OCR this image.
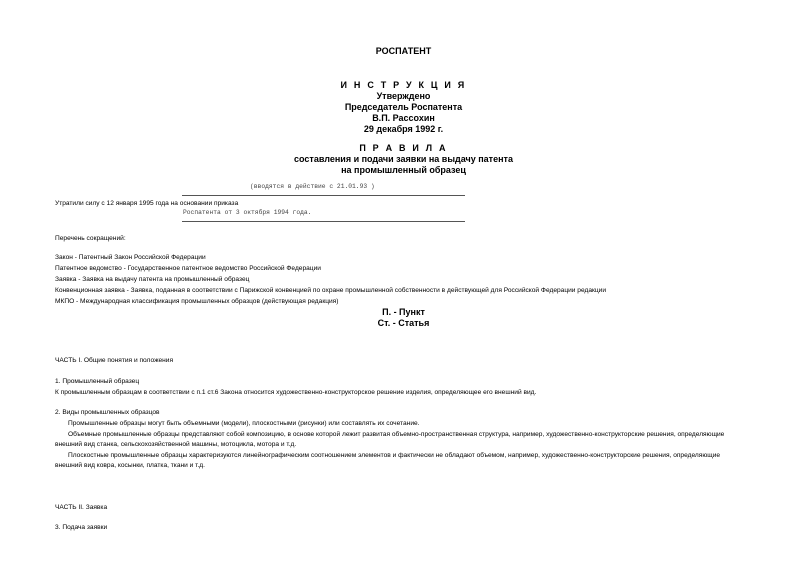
РОСПАТЕНТ
И Н С Т Р У К Ц И Я
Утверждено
Председатель Роспатента
В.П. Рассохин
29 декабря 1992 г.
П Р А В И Л А
составления и подачи заявки на выдачу патента
на промышленный образец
(вводятся в действие с 21.01.93 )
Утратили силу с 12 января 1995 года на основании приказа
Роспатента от 3 октября 1994 года.
Перечень сокращений:
Закон - Патентный Закон Российской Федерации
Патентное ведомство - Государственное патентное ведомство Российской Федерации
Заявка - Заявка на выдачу патента на промышленный образец
Конвенционная заявка - Заявка, поданная в соответствии с Парижской конвенцией по охране промышленной собственности в действующей для Российской Федерации редакции
МКПО - Международная классификация промышленных образцов (действующая редакция)
П. - Пункт
Ст. - Статья
ЧАСТЬ I. Общие понятия и положения
1. Промышленный образец
К промышленным образцам в соответствии с п.1 ст.6 Закона относится художественно-конструкторское решение изделия, определяющее его внешний вид.
2. Виды промышленных образцов
Промышленные образцы могут быть объемными (модели), плоскостными (рисунки) или составлять их сочетание.
Объемные промышленные образцы представляют собой композицию, в основе которой лежит развитая объемно-пространственная структура, например, художественно-конструкторские решения, определяющие
внешний вид станка, сельскохозяйственной машины, мотоцикла, мотора и т.д.
Плоскостные промышленные образцы характеризуются линейнографическим соотношением элементов и фактически не обладают объемом, например, художественно-конструкторские решения, определяющие
внешний вид ковра, косынки, платка, ткани и т.д.
ЧАСТЬ II. Заявка
3. Подача заявки
